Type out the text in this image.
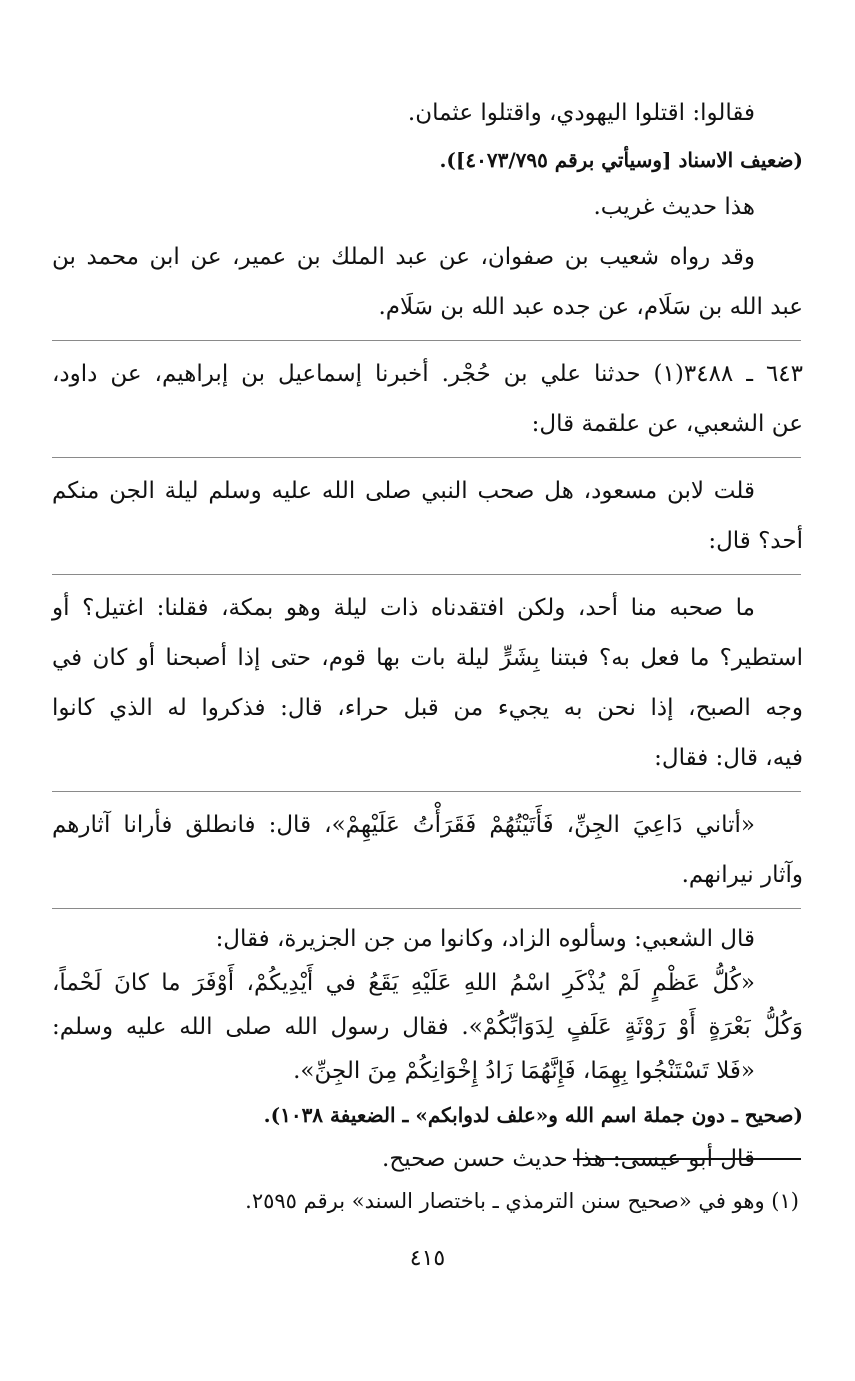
فقالوا: اقتلوا اليهودي، واقتلوا عثمان.
(ضعيف الاسناد [وسيأتي برقم ٤٠٧٣/٧٩٥]).
هذا حديث غريب.
وقد رواه شعيب بن صفوان، عن عبد الملك بن عمير، عن ابن محمد بن
عبد الله بن سَلَام، عن جده عبد الله بن سَلَام.
٦٤٣ ـ ٣٤٨٨(١) حدثنا علي بن حُجْر. أخبرنا إسماعيل بن إبراهيم، عن داود،
عن الشعبي، عن علقمة قال:
قلت لابن مسعود، هل صحب النبي صلى الله عليه وسلم ليلة الجن منكم
أحد؟ قال:
ما صحبه منا أحد، ولكن افتقدناه ذات ليلة وهو بمكة، فقلنا: اغتيل؟ أو
استطير؟ ما فعل به؟ فبتنا بِشَرٍّ ليلة بات بها قوم، حتى إذا أصبحنا أو كان في
وجه الصبح، إذا نحن به يجيء من قبل حراء، قال: فذكروا له الذي كانوا
فيه، قال: فقال:
«أتاني دَاعِيَ الجِنِّ، فَأَتَيْتُهُمْ فَقَرَأْتُ عَلَيْهِمْ»، قال: فانطلق فأرانا آثارهم
وآثار نيرانهم.
قال الشعبي: وسألوه الزاد، وكانوا من جن الجزيرة، فقال:
«كُلُّ عَظْمٍ لَمْ يُذْكَرِ اسْمُ اللهِ عَلَيْهِ يَقَعُ في أَيْدِيكُمْ، أَوْفَرَ ما كانَ لَحْماً،
وَكُلُّ بَعْرَةٍ أَوْ رَوْثَةٍ عَلَفٍ لِدَوَابِّكُمْ». فقال رسول الله صلى الله عليه وسلم:
«فَلا تَسْتَنْجُوا بِهِمَا، فَإِنَّهُمَا زَادُ إِخْوَانِكُمْ مِنَ الجِنِّ».
(صحيح ـ دون جملة اسم الله و«علف لدوابكم» ـ الضعيفة ١٠٣٨).
قال أبو عيسى: هذا حديث حسن صحيح.
(١) وهو في «صحيح سنن الترمذي ـ باختصار السند» برقم ٢٥٩٥.
٤١٥
